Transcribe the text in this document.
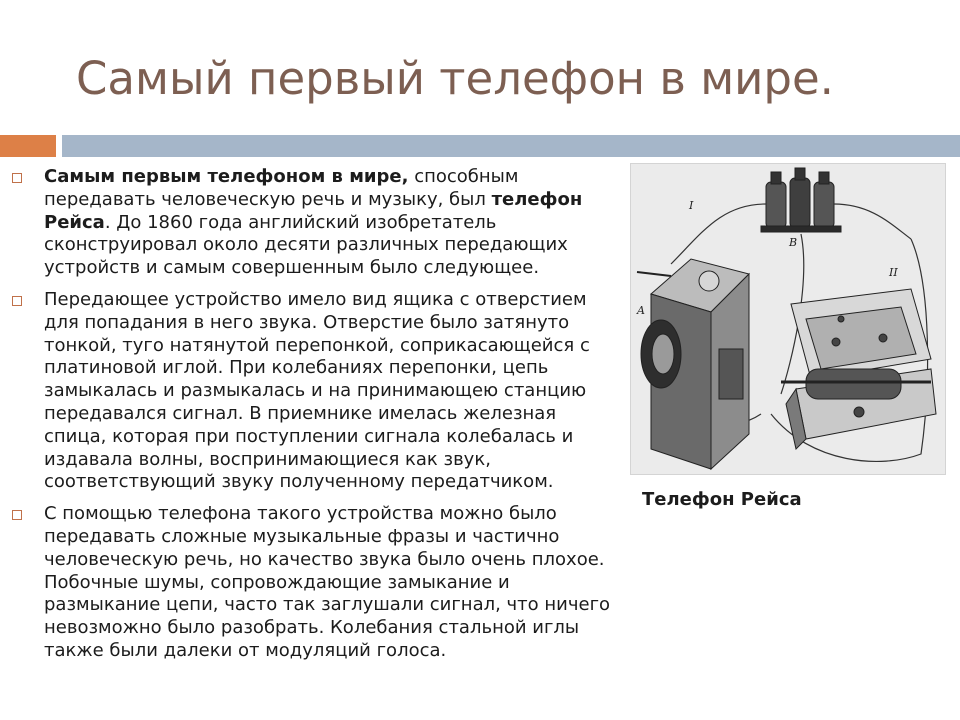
Самый первый телефон в мире.
Самым первым телефоном в мире, способным передавать человеческую речь и музыку, был телефон Рейса. До 1860 года английский изобретатель сконструировал около десяти различных передающих устройств и самым совершенным было следующее.
Передающее устройство имело вид ящика с отверстием для попадания в него звука. Отверстие было затянуто тонкой, туго натянутой перепонкой, соприкасающейся с платиновой иглой. При колебаниях перепонки, цепь замыкалась и размыкалась и на принимающею станцию передавался сигнал. В приемнике имелась железная спица, которая при поступлении сигнала колебалась и издавала волны, воспринимающиеся как звук, соответствующий звуку полученному передатчиком.
С помощью телефона такого устройства можно было передавать сложные музыкальные фразы и частично человеческую речь, но качество звука было очень плохое. Побочные шумы, сопровождающие замыкание и размыкание цепи, часто так заглушали сигнал, что ничего невозможно было разобрать. Колебания стальной иглы также были далеки от модуляций голоса.
I
B
II
A
Телефон Рейса
